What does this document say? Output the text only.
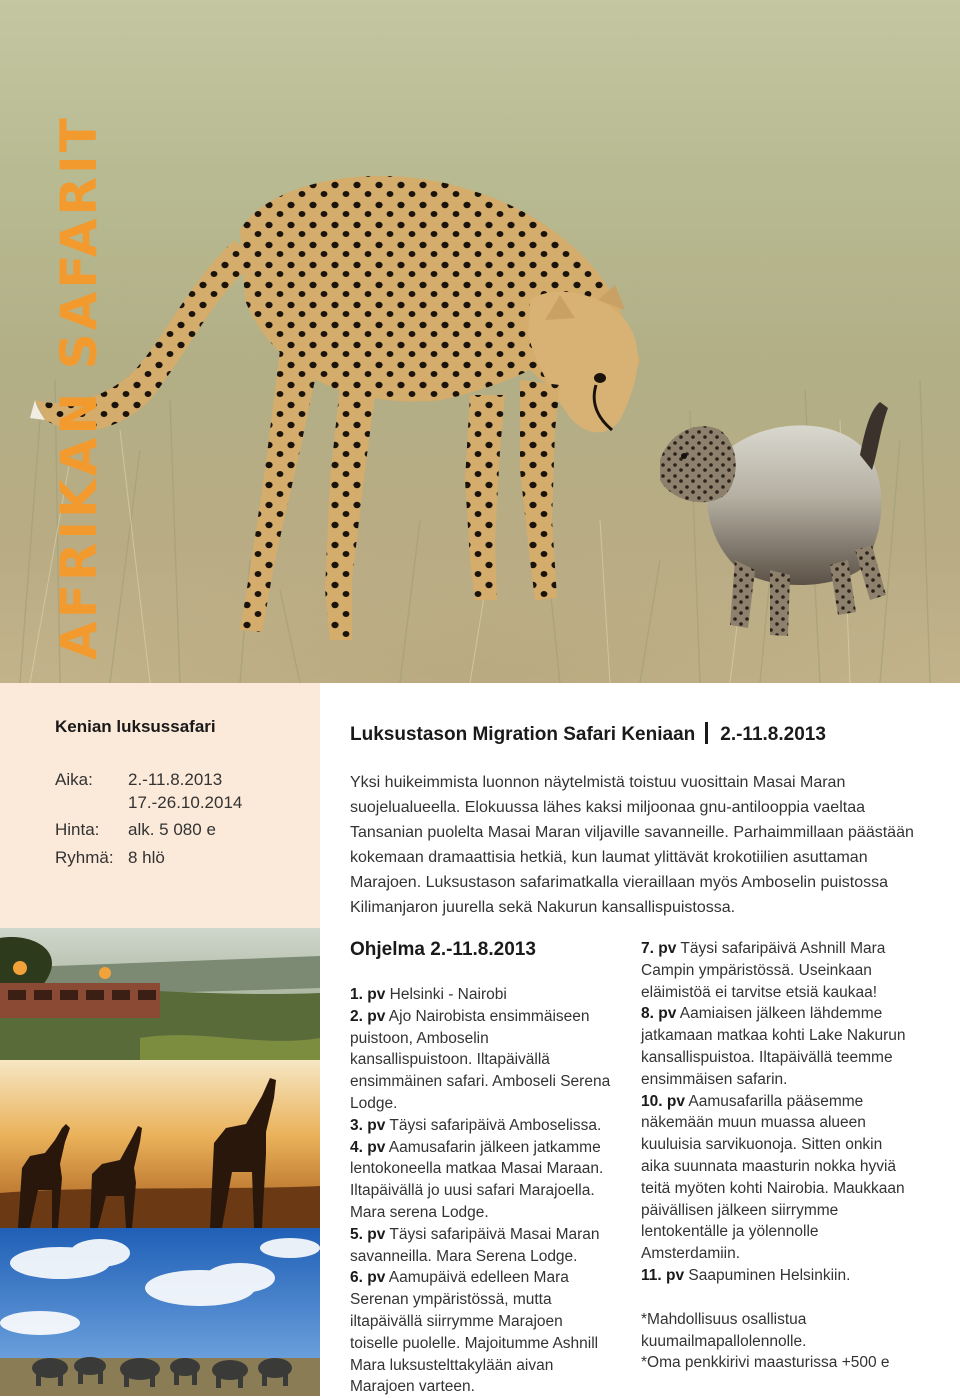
AFRIKAN SAFARIT
Kenian luksussafari
Aika: 2.-11.8.2013
17.-26.10.2014
Hinta: alk. 5 080 e
Ryhmä: 8 hlö
Luksustason Migration Safari Keniaan 2.-11.8.2013

Yksi huikeimmista luonnon näytelmistä toistuu vuosittain Masai Maran suojelualueella. Elokuussa lähes kaksi miljoonaa gnu-antilooppia vaeltaa Tansanian puolelta Masai Maran viljaville savanneille. Parhaimmillaan päästään kokemaan dramaattisia hetkiä, kun laumat ylittävät krokotiilien asuttaman Marajoen. Luksustason safarimatkalla vieraillaan myös Amboselin puistossa Kilimanjaron juurella sekä Nakurun kansallispuistossa.

Ohjelma 2.-11.8.2013

1. pv Helsinki - Nairobi

2. pv Ajo Nairobista ensimmäiseen puistoon, Amboselin kansallispuistoon. Iltapäivällä ensimmäinen safari. Amboseli Serena Lodge.

3. pv Täysi safaripäivä Amboselissa.

4. pv Aamusafarin jälkeen jatkamme lentokoneella matkaa Masai Maraan. Iltapäivällä jo uusi safari Marajoella. Mara serena Lodge.

5. pv Täysi safaripäivä Masai Maran savanneilla. Mara Serena Lodge.

6. pv Aamupäivä edelleen Mara Serenan ympäristössä, mutta iltapäivällä siirrymme Marajoen toiselle puolelle. Majoitumme Ashnill Mara luksustelttakylään aivan Marajoen varteen.

7. pv Täysi safaripäivä Ashnill Mara Campin ympäristössä. Useinkaan eläimistöä ei tarvitse etsiä kaukaa!

8. pv Aamiaisen jälkeen lähdemme jatkamaan matkaa kohti Lake Nakurun kansallispuistoa. Iltapäivällä teemme ensimmäisen safarin.

10. pv Aamusafarilla pääsemme näkemään muun muassa alueen kuuluisia sarvikuonoja. Sitten onkin aika suunnata maasturin nokka hyviä teitä myöten kohti Nairobia. Maukkaan päivällisen jälkeen siirrymme lentokentälle ja yölennolle Amsterdamiin.

11. pv Saapuminen Helsinkiin.

*Mahdollisuus osallistua kuumailmapallolennolle.

*Oma penkkirivi maasturissa +500 e
